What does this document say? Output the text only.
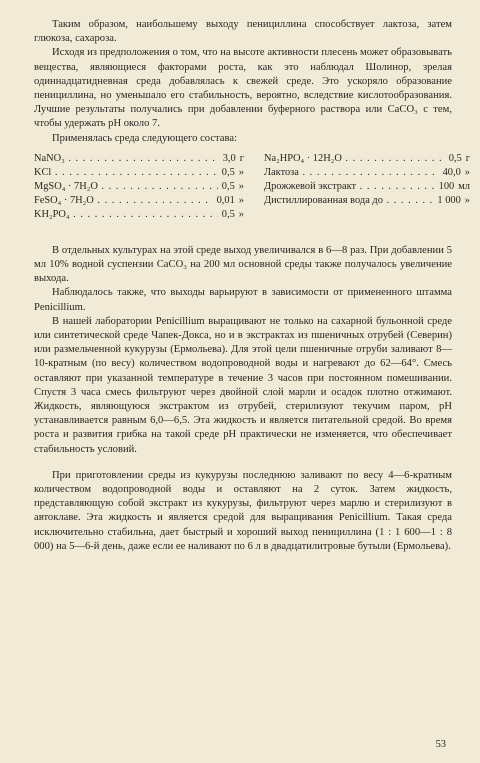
Таким образом, наибольшему выходу пенициллина способствует лактоза, затем глюкоза, сахароза.

Исходя из предположения о том, что на высоте активности плесень может образовывать вещества, являющиеся факторами роста, как это наблюдал Шолинор, зрелая одиннадцатидневная среда добавлялась к свежей среде. Это ускоряло образование пенициллина, но уменьшало его стабильность, вероятно, вследствие кислотообразования. Лучшие результаты получались при добавлении буферного раствора или CaCO₃ с тем, чтобы удержать pH около 7.

Применялась среда следующего состава:

NaNO₃ . . .	3,0 г
KCl . . .	0,5 »
MgSO₄ · 7H₂O . . .	0,5 »
FeSO₄ · 7H₂O . . .	0,01 »
KH₂PO₄ . . .	0,5 »
Na₂HPO₄ · 12H₂O . . .	0,5 г
Лактоза . . .	40,0 »
Дрожжевой экстракт . . .	100 мл
Дистиллированная вода до . . .	1 000 »

В отдельных культурах на этой среде выход увеличивался в 6—8 раз. При добавлении 5 мл 10% водной суспензии CaCO₃ на 200 мл основной среды также получалось увеличение выхода.

Наблюдалось также, что выходы варьируют в зависимости от примененного штамма Penicillium.

В нашей лаборатории Penicillium выращивают не только на сахарной бульонной среде или синтетической среде Чапек-Докса, но и в экстрактах из пшеничных отрубей (Северин) или размельченной кукурузы (Ермольева). Для этой цели пшеничные отруби заливают 8—10-кратным (по весу) количеством водопроводной воды и нагревают до 62—64°. Смесь оставляют при указанной температуре в течение 3 часов при постоянном помешивании. Спустя 3 часа смесь фильтруют через двойной слой марли и осадок плотно отжимают. Жидкость, являющуюся экстрактом из отрубей, стерилизуют текучим паром, pH устанавливается равным 6,0—6,5. Эта жидкость и является питательной средой. Во время роста и развития грибка на такой среде pH практически не изменяется, что обеспечивает стабильность условий.

При приготовлении среды из кукурузы последнюю заливают по весу 4—6-кратным количеством водопроводной воды и оставляют на 2 суток. Затем жидкость, представляющую собой экстракт из кукурузы, фильтруют через марлю и стерилизуют в автоклаве. Эта жидкость и является средой для выращивания Penicillium. Такая среда исключительно стабильна, дает быстрый и хороший выход пенициллина (1 : 1 600—1 : 8 000) на 5—6-й день, даже если ее наливают по 6 л в двадцатилитровые бутыли (Ермольева).

53
